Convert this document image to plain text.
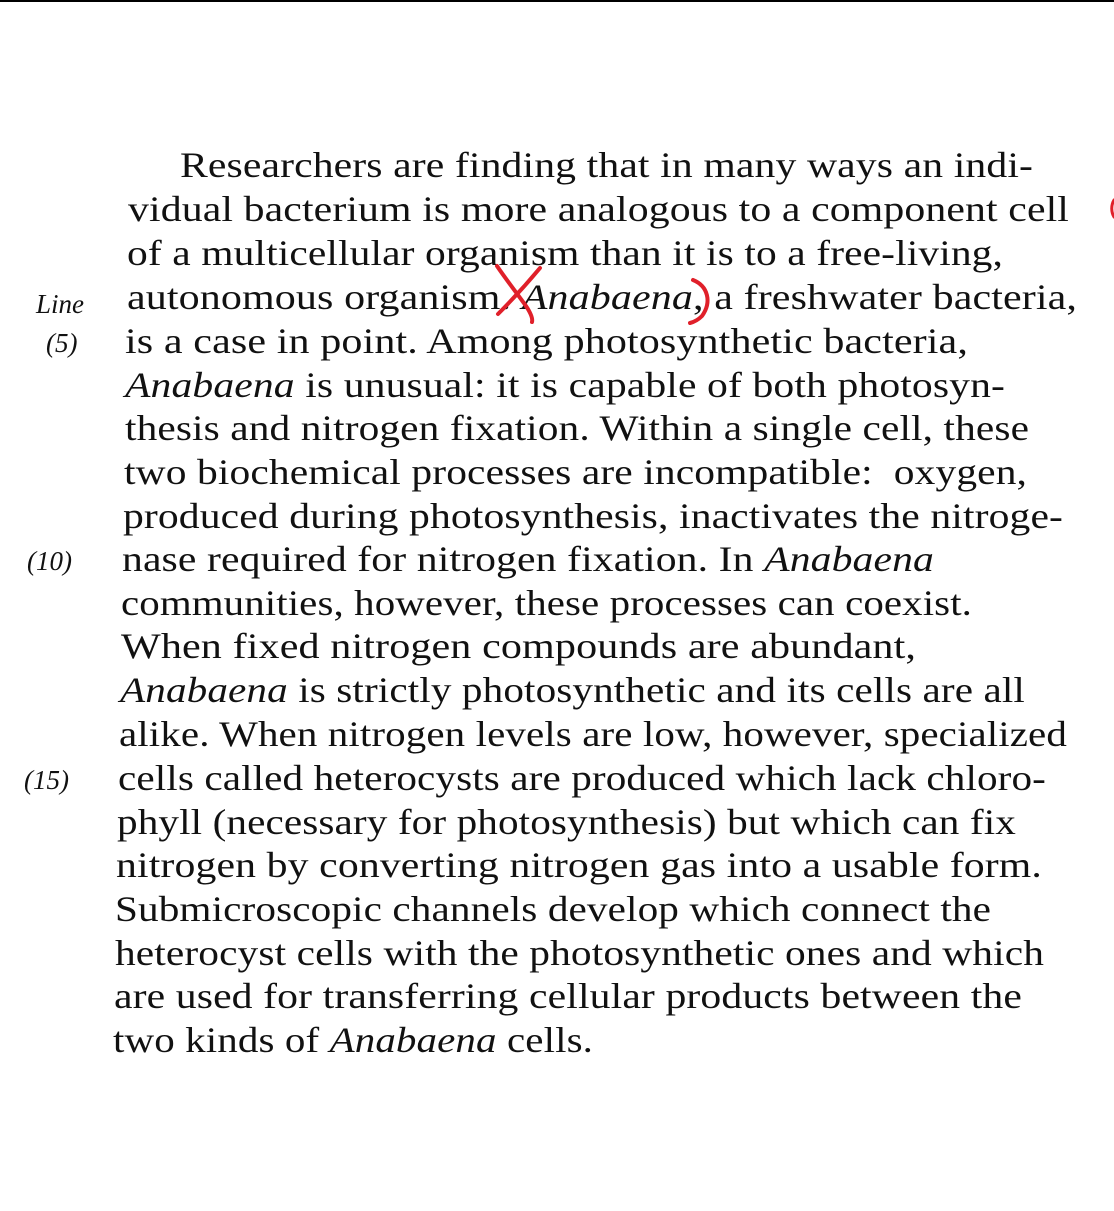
Researchers are finding that in many ways an indi-
vidual bacterium is more analogous to a component cell
of a multicellular organism than it is to a free-living,
autonomous organism. Anabaena, a freshwater bacteria,
is a case in point. Among photosynthetic bacteria,
Anabaena is unusual: it is capable of both photosyn-
thesis and nitrogen fixation. Within a single cell, these
two biochemical processes are incompatible:  oxygen,
produced during photosynthesis, inactivates the nitroge-
nase required for nitrogen fixation. In Anabaena
communities, however, these processes can coexist.
When fixed nitrogen compounds are abundant,
Anabaena is strictly photosynthetic and its cells are all
alike. When nitrogen levels are low, however, specialized
cells called heterocysts are produced which lack chloro-
phyll (necessary for photosynthesis) but which can fix
nitrogen by converting nitrogen gas into a usable form.
Submicroscopic channels develop which connect the
heterocyst cells with the photosynthetic ones and which
are used for transferring cellular products between the
two kinds of Anabaena cells.
Line
(5)
(10)
(15)
